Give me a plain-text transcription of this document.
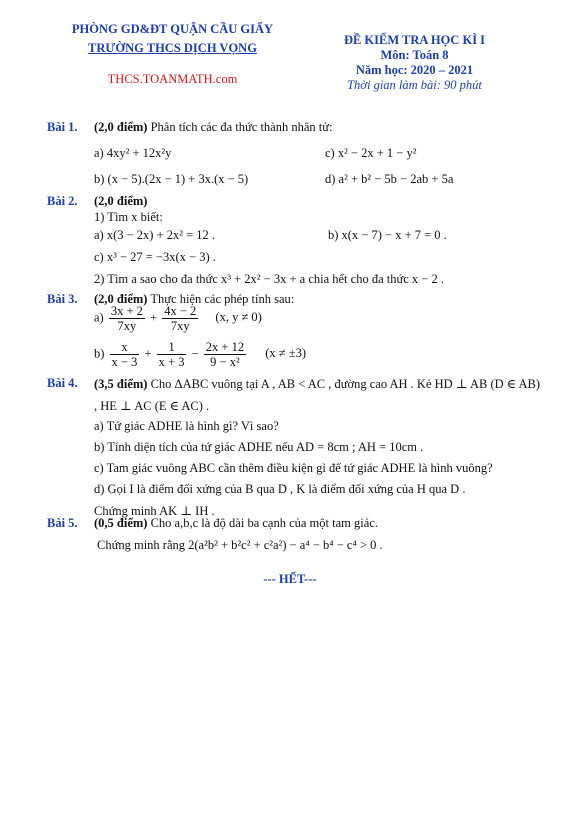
PHÒNG GD&ĐT QUẬN CẦU GIẤY
TRƯỜNG THCS DỊCH VỌNG
THCS.TOANMATH.com
ĐỀ KIỂM TRA HỌC KÌ I
Môn: Toán 8
Năm học: 2020 – 2021
Thời gian làm bài: 90 phút
Bài 1. (2,0 điểm) Phân tích các đa thức thành nhân tử:
a) 4xy² + 12x²y	c) x² − 2x + 1 − y²
b) (x − 5).(2x − 1) + 3x.(x − 5)	d) a² + b² − 5b − 2ab + 5a
Bài 2. (2,0 điểm)
1) Tìm x biết:
a) x(3 − 2x) + 2x² = 12 .	b) x(x − 7) − x + 7 = 0 .
c) x³ − 27 = −3x(x − 3) .
2) Tìm a sao cho đa thức x³ + 2x² − 3x + a chia hết cho đa thức x − 2 .
Bài 3. (2,0 điểm) Thực hiện các phép tính sau:
$a) \frac{3x + 2}{7xy} + \frac{4x - 2}{7xy} (x$, y ≠ 0)
$b) \frac{x}{x - 3} + \frac{1}{x + 3} - \frac{2x + 12}{\text{9 − x²}} (x \ne \pm 3)$
Bài 4. (3,5 điểm) Cho ΔABC vuông tại A , AB < AC , đường cao AH . Kẻ HD ⊥ AB (D ∈ AB)
, HE ⊥ AC (E ∈ AC) .
a) Tứ giác ADHE là hình gì? Vì sao?
b) Tính diện tích của tứ giác ADHE nếu AD = 8cm ; AH = 10cm .
c) Tam giác vuông ABC cần thêm điều kiện gì để tứ giác ADHE là hình vuông?
d) Gọi I là điểm đối xứng của B qua D , K là điểm đối xứng của H qua D .
Chứng minh AK ⊥ IH .
Bài 5. (0,5 điểm) Cho a,b,c là độ dài ba cạnh của một tam giác.
Chứng minh rằng 2(a²b² + b²c² + c²a²) − a⁴ − b⁴ − c⁴ > 0 .
--- HẾT---
